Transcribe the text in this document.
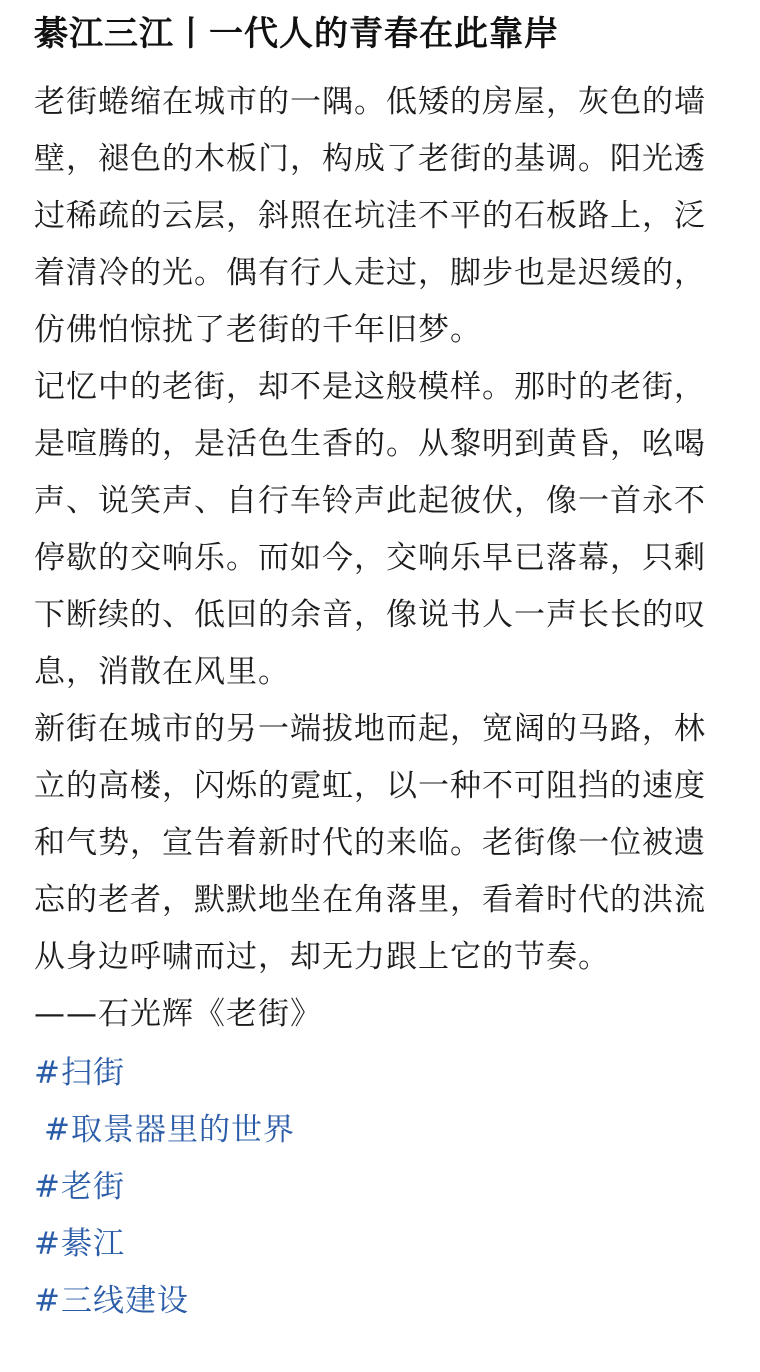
綦江三江丨一代人的青春在此靠岸

老街蜷缩在城市的一隅。低矮的房屋，灰色的墙壁，褪色的木板门，构成了老街的基调。阳光透过稀疏的云层，斜照在坑洼不平的石板路上，泛着清冷的光。偶有行人走过，脚步也是迟缓的，仿佛怕惊扰了老街的千年旧梦。

记忆中的老街，却不是这般模样。那时的老街，是喧腾的，是活色生香的。从黎明到黄昏，吆喝声、说笑声、自行车铃声此起彼伏，像一首永不停歇的交响乐。而如今，交响乐早已落幕，只剩下断续的、低回的余音，像说书人一声长长的叹息，消散在风里。

新街在城市的另一端拔地而起，宽阔的马路，林立的高楼，闪烁的霓虹，以一种不可阻挡的速度和气势，宣告着新时代的来临。老街像一位被遗忘的老者，默默地坐在角落里，看着时代的洪流从身边呼啸而过，却无力跟上它的节奏。

——石光辉《老街》

#扫街
#取景器里的世界
#老街
#綦江
#三线建设
